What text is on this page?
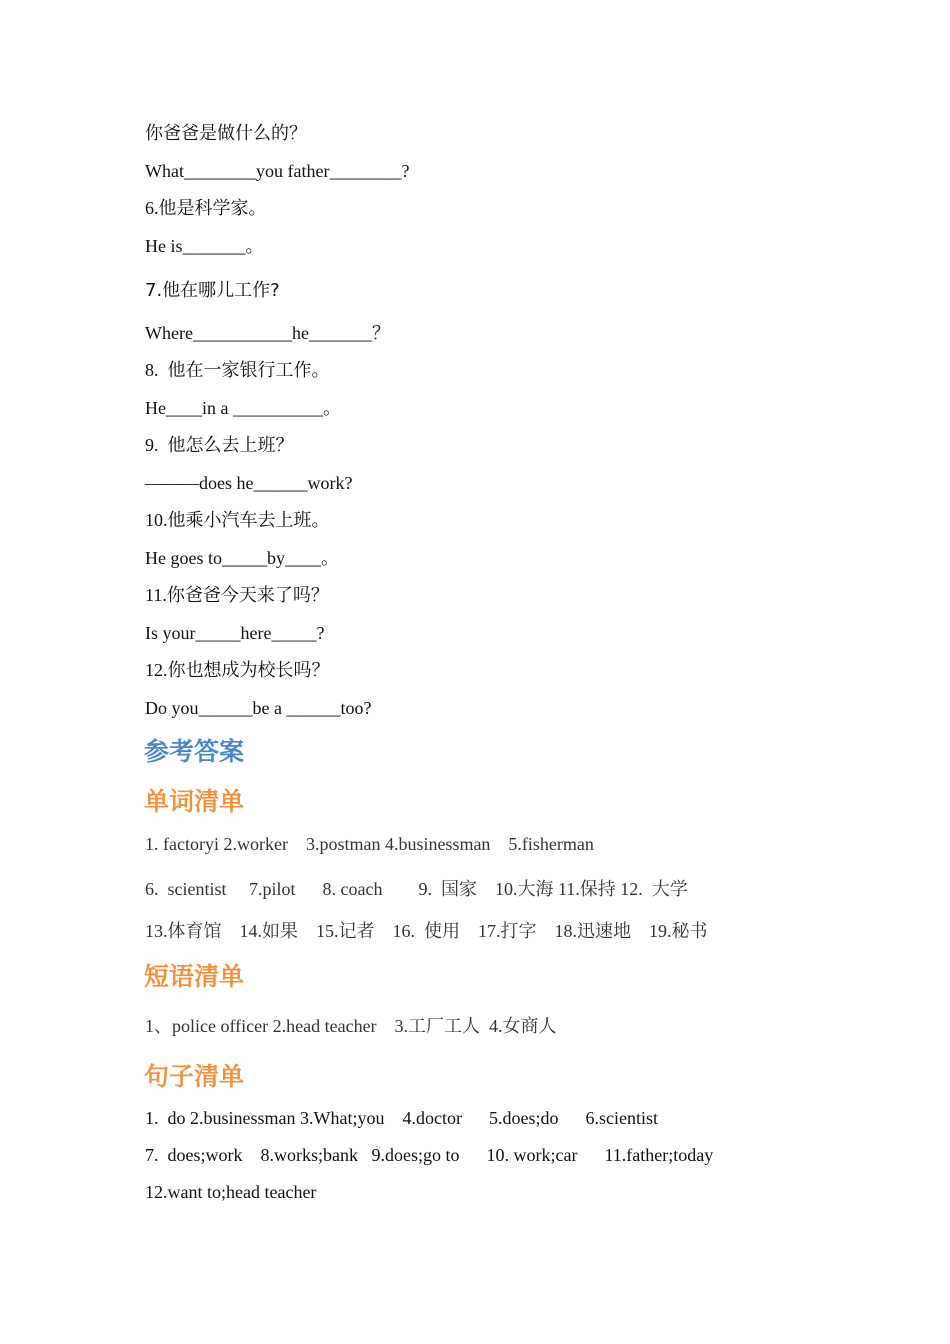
你爸爸是做什么的？
What________you father________?
6.他是科学家。
He is_______。
7.他在哪儿工作?
Where___________he_______？
8.  他在一家银行工作。
He____in a __________。
9.  他怎么去上班？
———does he______work?
10.他乘小汽车去上班。
He goes to_____by____。
11.你爸爸今天来了吗？
Is your_____here_____?
12.你也想成为校长吗？
Do you______be a ______too?
参考答案
单词清单
1. factoryi 2.worker    3.postman 4.businessman    5.fisherman
6.  scientist     7.pilot      8. coach        9.  国家    10.大海 11.保持 12.  大学
13.体育馆    14.如果    15.记者    16.  使用    17.打字    18.迅速地    19.秘书
短语清单
1、police officer 2.head teacher    3.工厂工人  4.女商人
句子清单
1.  do 2.businessman 3.What;you    4.doctor      5.does;do      6.scientist
7.  does;work    8.works;bank   9.does;go to      10. work;car      11.father;today
12.want to;head teacher
